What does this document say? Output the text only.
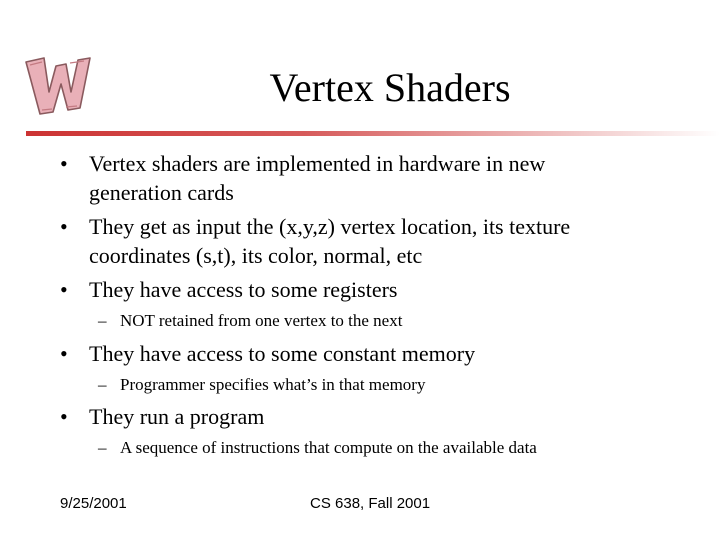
Vertex Shaders
• Vertex shaders are implemented in hardware in new
generation cards
• They get as input the (x,y,z) vertex location, its texture
coordinates (s,t), its color, normal, etc
• They have access to some registers
– NOT retained from one vertex to the next
• They have access to some constant memory
– Programmer specifies what’s in that memory
• They run a program
– A sequence of instructions that compute on the available data
9/25/2001	CS 638, Fall 2001
